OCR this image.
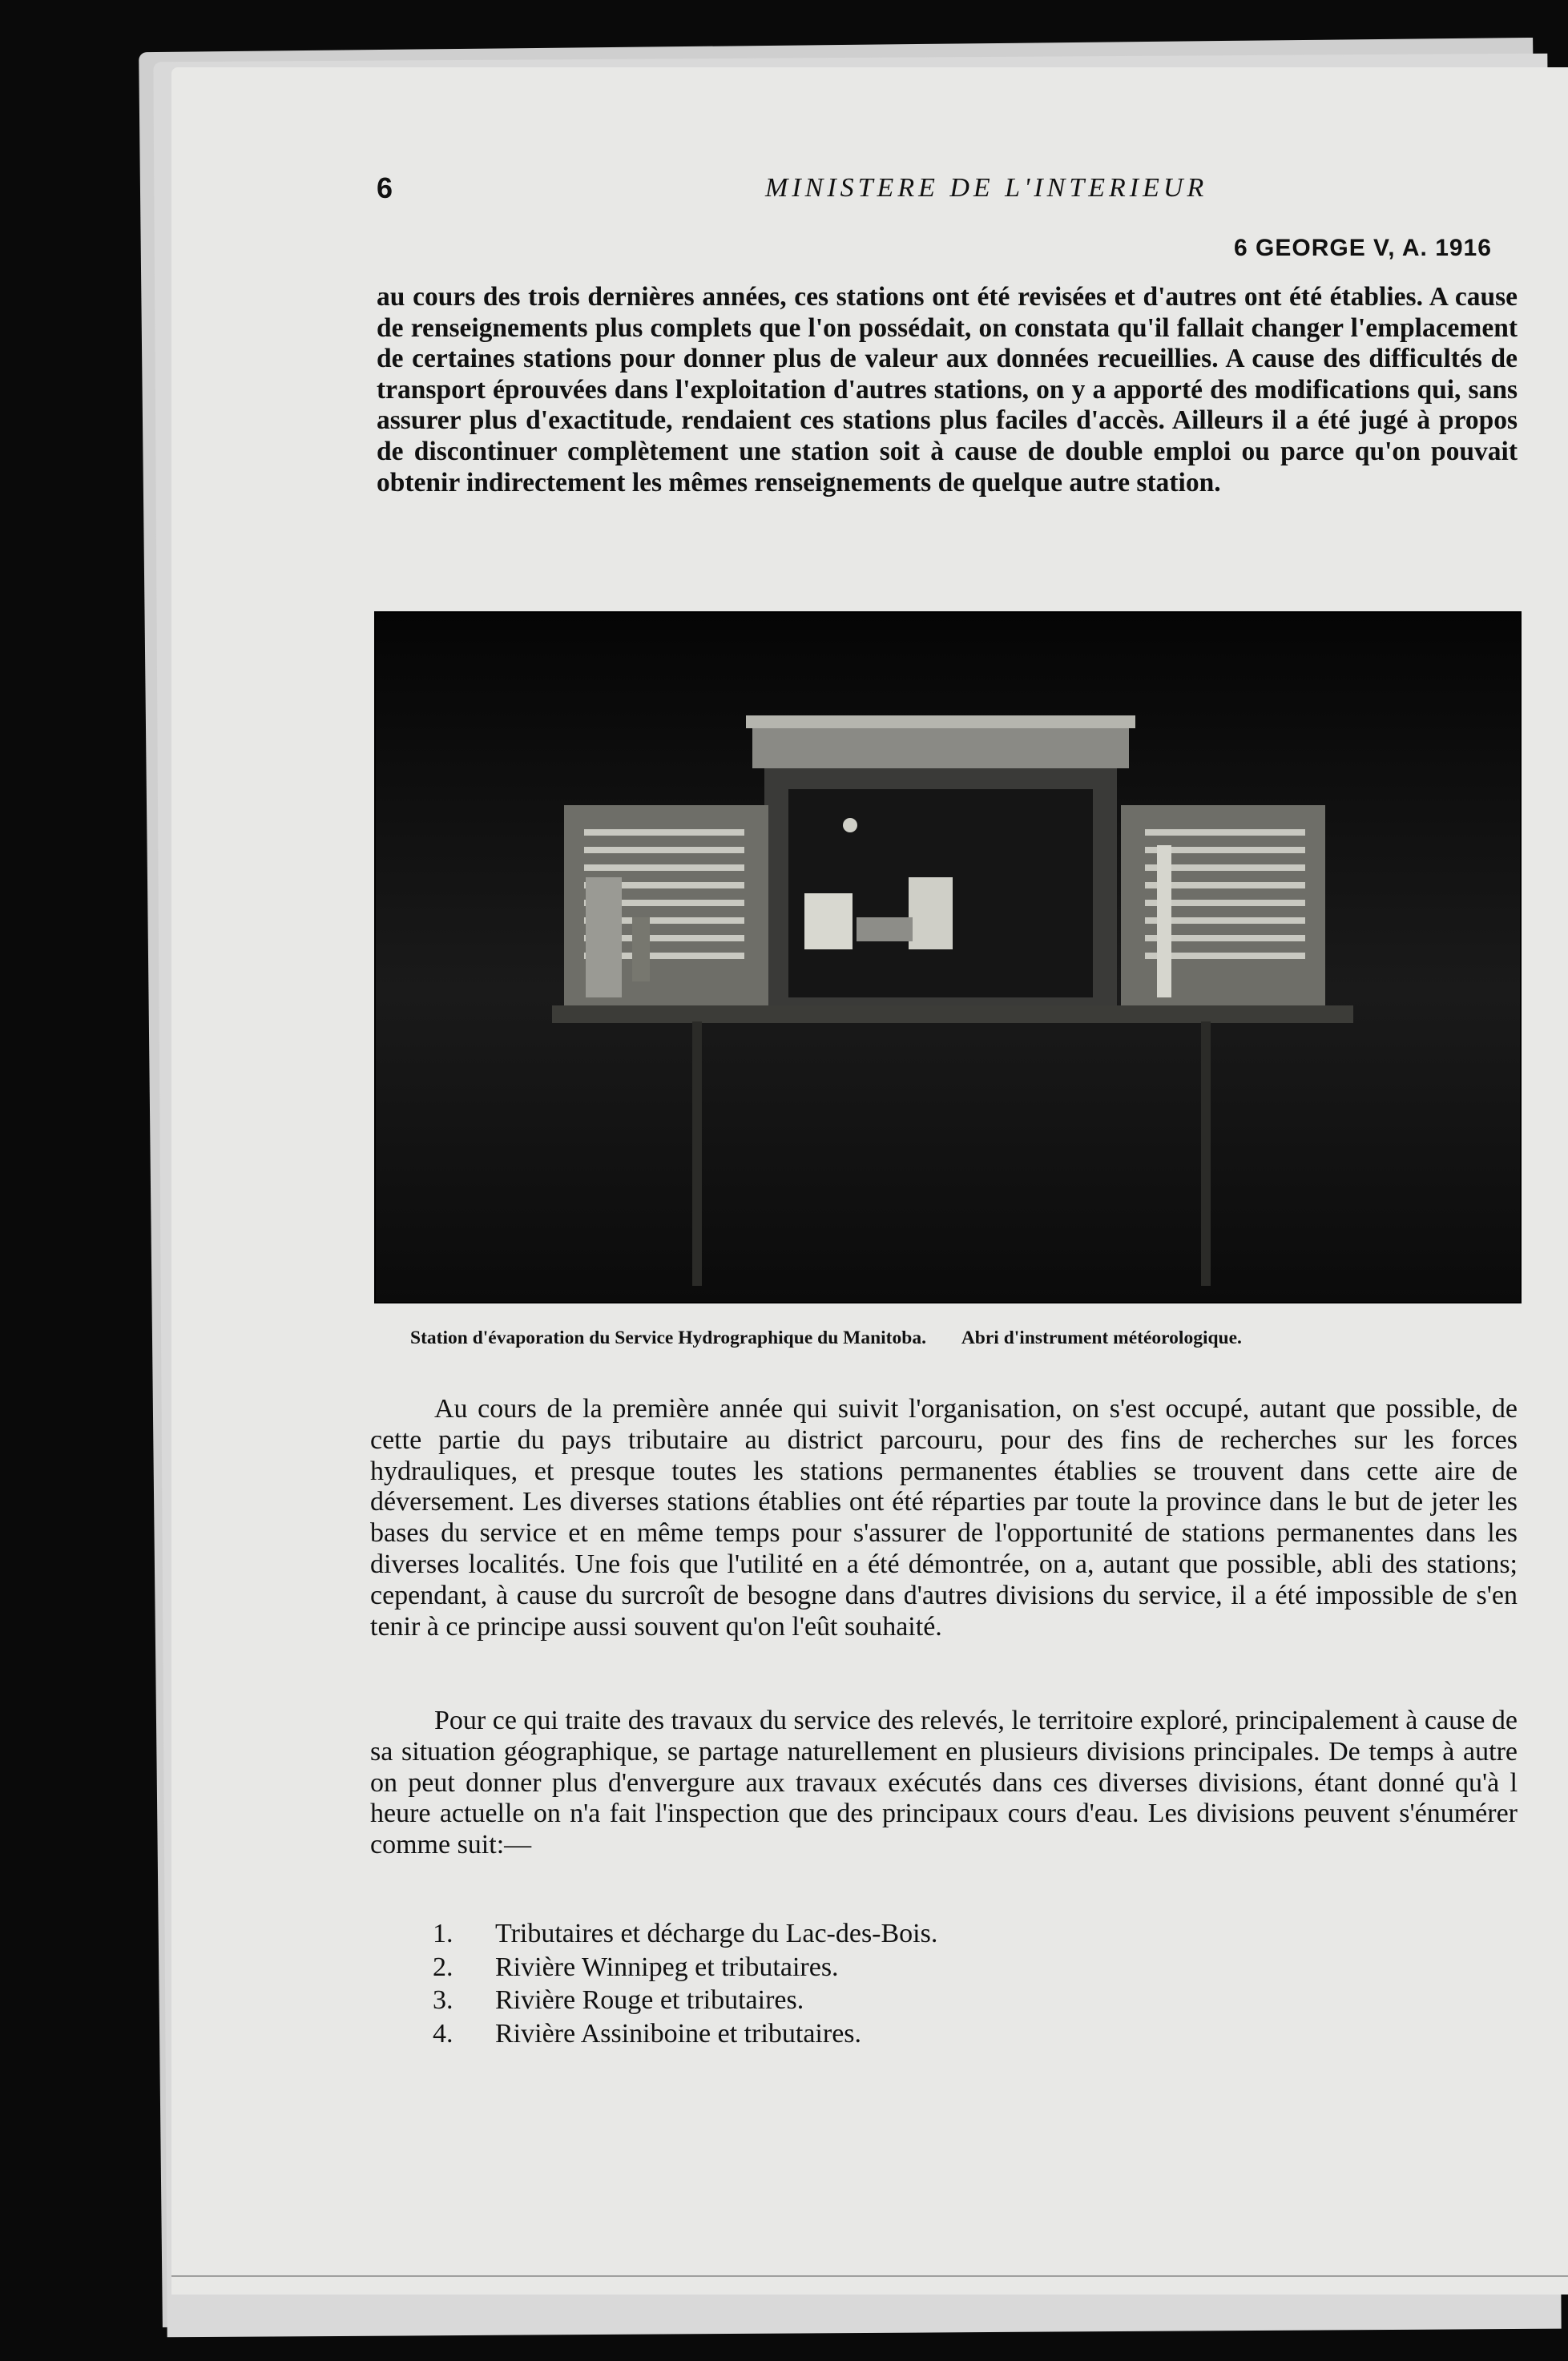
6	MINISTERE DE L'INTERIEUR
6 GEORGE V, A. 1916

au cours des trois dernières années, ces stations ont été revisées et d'autres ont été établies. A cause de renseignements plus complets que l'on possédait, on constata qu'il fallait changer l'emplacement de certaines stations pour donner plus de valeur aux données recueillies. A cause des difficultés de transport éprouvées dans l'exploitation d'autres stations, on y a apporté des modifications qui, sans assurer plus d'exactitude, rendaient ces stations plus faciles d'accès. Ailleurs il a été jugé à propos de discontinuer complètement une station soit à cause de double emploi ou parce qu'on pouvait obtenir indirectement les mêmes renseignements de quelque autre station.

Station d'évaporation du Service Hydrographique du Manitoba. Abri d'instrument météorologique.

Au cours de la première année qui suivit l'organisation, on s'est occupé, autant que possible, de cette partie du pays tributaire au district parcouru, pour des fins de recherches sur les forces hydrauliques, et presque toutes les stations permanentes établies se trouvent dans cette aire de déversement. Les diverses stations établies ont été réparties par toute la province dans le but de jeter les bases du service et en même temps pour s'assurer de l'opportunité de stations permanentes dans les diverses localités. Une fois que l'utilité en a été démontrée, on a, autant que possible, abli des stations; cependant, à cause du surcroît de besogne dans d'autres divisions du service, il a été impossible de s'en tenir à ce principe aussi souvent qu'on l'eût souhaité.

Pour ce qui traite des travaux du service des relevés, le territoire exploré, principalement à cause de sa situation géographique, se partage naturellement en plusieurs divisions principales. De temps à autre on peut donner plus d'envergure aux travaux exécutés dans ces diverses divisions, étant donné qu'à l heure actuelle on n'a fait l'inspection que des principaux cours d'eau. Les divisions peuvent s'énumérer comme suit:—

1.	Tributaires et décharge du Lac-des-Bois.
2.	Rivière Winnipeg et tributaires.
3.	Rivière Rouge et tributaires.
4.	Rivière Assiniboine et tributaires.
